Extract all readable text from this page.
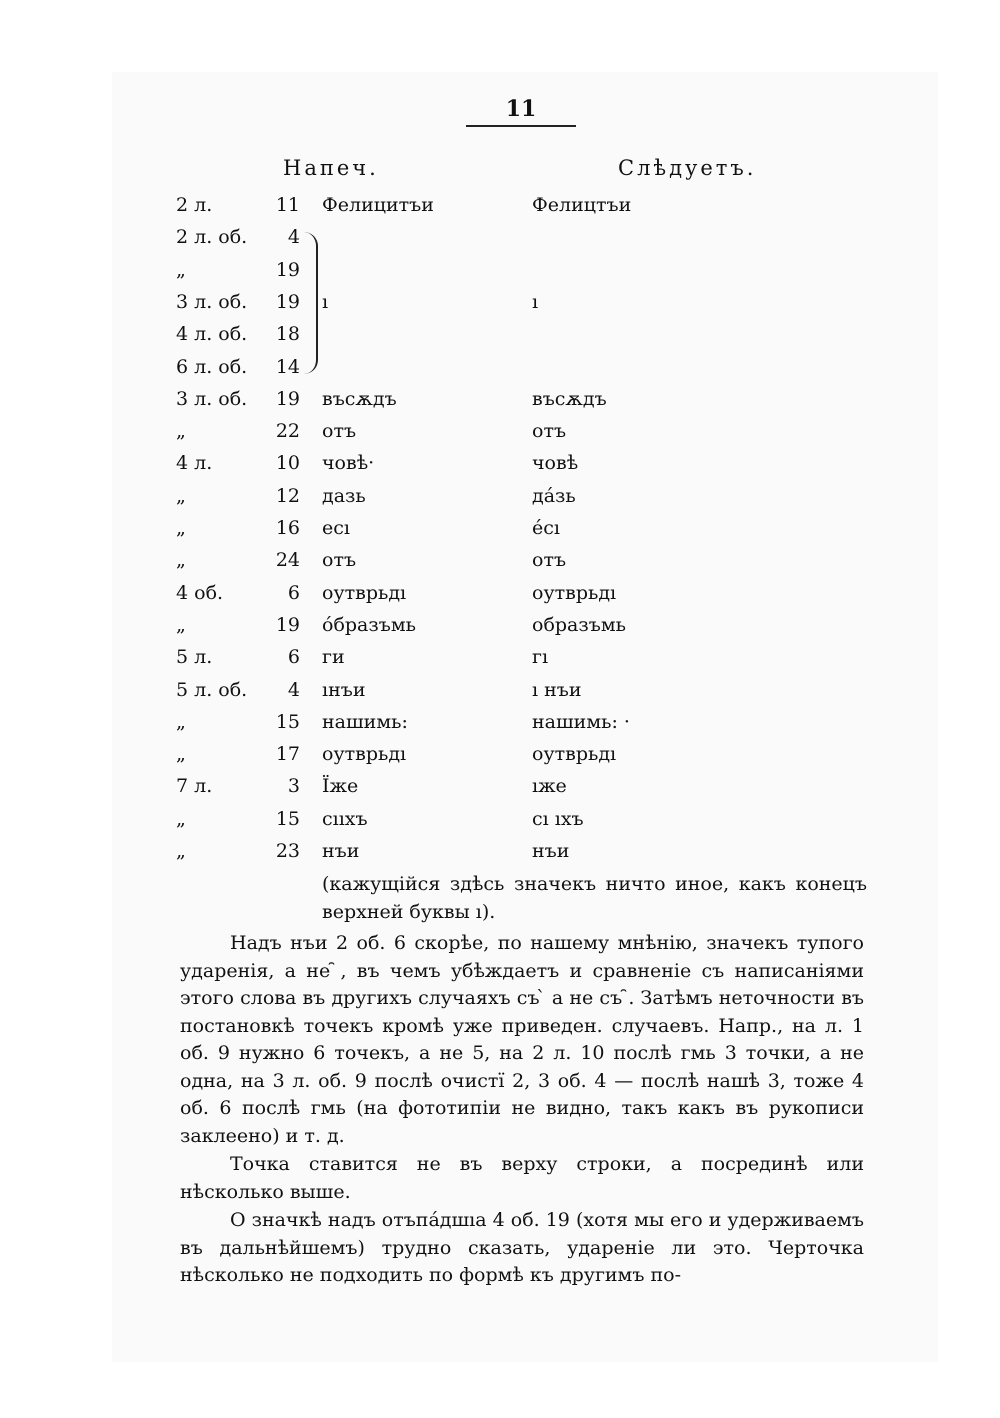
11
Напеч.	Слѣдуетъ.
2 л.	11 Фелицитъи	Фелицтъи
2 л. об.	4
„	19
3 л. об.	19 ı	ı
4 л. об.	18
6 л. об.	14
3 л. об.	19 въсѫдъ	въсѫдъ
„	22 отъ	отъ
4 л.	10 човѣ·	човѣ
„	12 дазь	да́зь
„	16 есı	е́сı
„	24 отъ	отъ
4 об.	6 оутврьдı	оутврьдı
„	19 о́бразъмь	образъмь
5 л.	6 ги	гı
5 л. об.	4 ıнъи	ı нъи
„	15 нашимь:	нашимь: ·
„	17 оутврьдı	оутврьдı
7 л.	3 Їже	ıже
„	15 сııхъ	сı ıхъ
„	23 нъи	нъи
(кажущійся здѣсь значекъ ничто иное, какъ конецъ верхней буквы ı).

Надъ нъи 2 об. 6 скорѣе, по нашему мнѣнію, значекъ тупого ударенія, а не ̑, въ чемъ убѣждаетъ и сравненіе съ написаніями этого слова въ другихъ случаяхъ съ ̀ а не съ ̑. Затѣмъ неточности въ постановкѣ точекъ кромѣ уже приведен. случаевъ. Напр., на л. 1 об. 9 нужно 6 точекъ, а не 5, на 2 л. 10 послѣ гмь 3 точки, а не одна, на 3 л. об. 9 послѣ очистї 2, 3 об. 4 — послѣ нашѣ 3, тоже 4 об. 6 послѣ гмь (на фототипіи не видно, такъ какъ въ рукописи заклеено) и т. д.

Точка ставится не въ верху строки, а посрединѣ или нѣсколько выше.

О значкѣ надъ отъпа́дшıа 4 об. 19 (хотя мы его и удерживаемъ въ дальнѣйшемъ) трудно сказать, удареніе ли это. Черточка нѣсколько не подходить по формѣ къ другимъ по-
